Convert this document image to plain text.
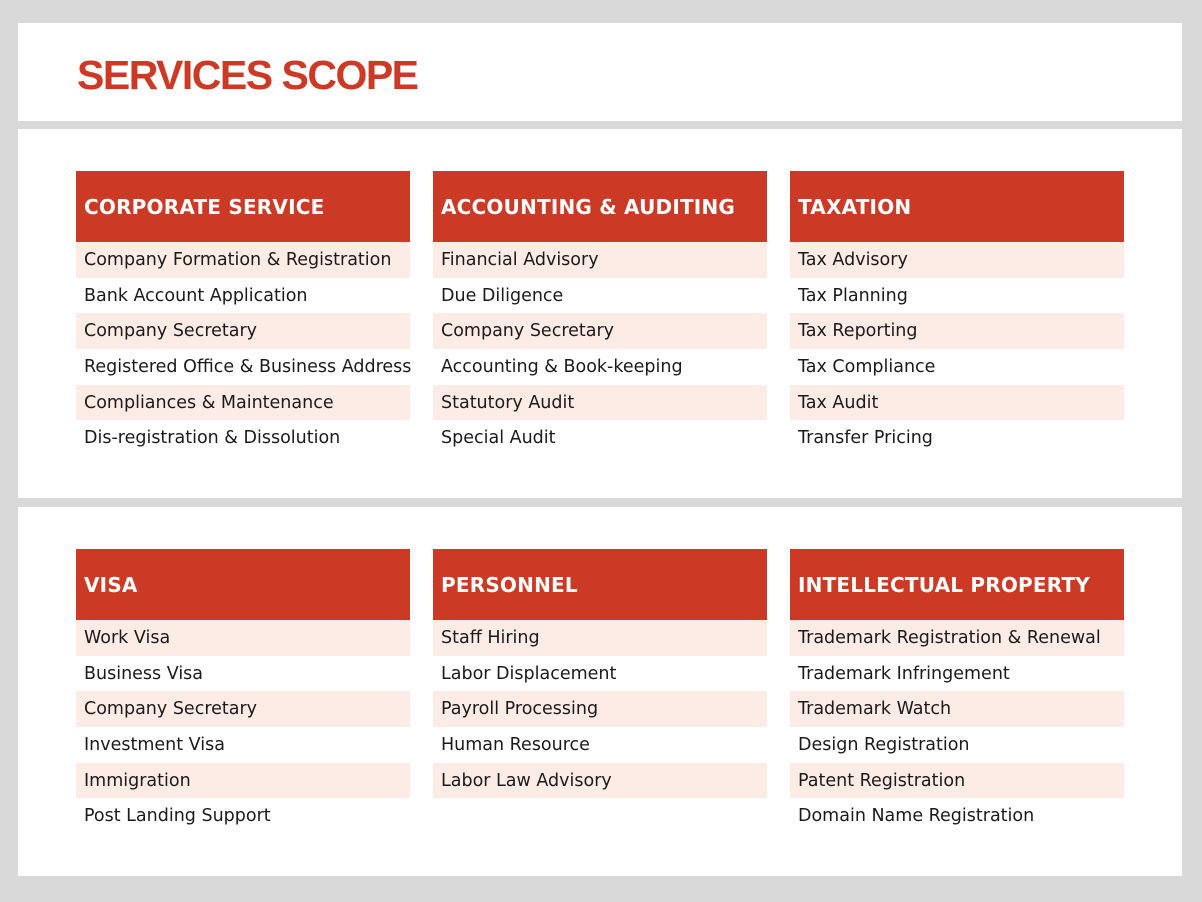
SERVICES SCOPE
CORPORATE SERVICE
Company Formation & Registration
Bank Account Application
Company Secretary
Registered Office & Business Address
Compliances & Maintenance
Dis-registration & Dissolution
ACCOUNTING & AUDITING
Financial Advisory
Due Diligence
Company Secretary
Accounting & Book-keeping
Statutory Audit
Special Audit
TAXATION
Tax Advisory
Tax Planning
Tax Reporting
Tax Compliance
Tax Audit
Transfer Pricing
VISA
Work Visa
Business Visa
Company Secretary
Investment Visa
Immigration
Post Landing Support
PERSONNEL
Staff Hiring
Labor Displacement
Payroll Processing
Human Resource
Labor Law Advisory
INTELLECTUAL PROPERTY
Trademark Registration & Renewal
Trademark Infringement
Trademark Watch
Design Registration
Patent Registration
Domain Name Registration
